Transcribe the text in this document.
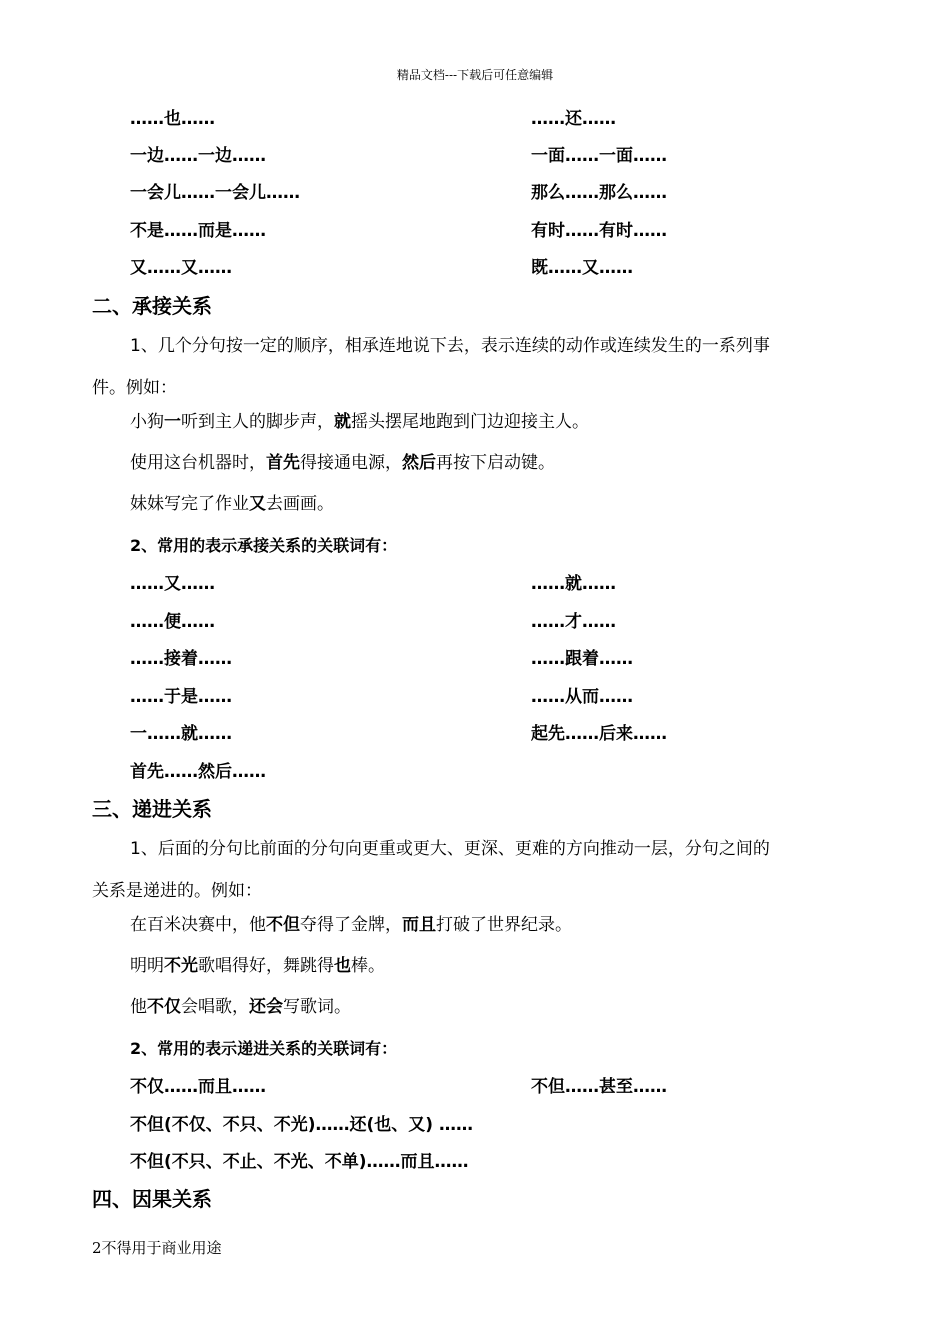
精品文档---下载后可任意编辑
……也……	……还……
一边……一边……	一面……一面……
一会儿……一会儿……	那么……那么……
不是……而是……	有时……有时……
又……又……	既……又……
二、承接关系
1、几个分句按一定的顺序，相承连地说下去，表示连续的动作或连续发生的一系列事
件。例如：
小狗一听到主人的脚步声，就摇头摆尾地跑到门边迎接主人。
使用这台机器时，首先得接通电源，然后再按下启动键。
妹妹写完了作业又去画画。
2、常用的表示承接关系的关联词有：
……又……	……就……
……便……	……才……
……接着……	……跟着……
……于是……	……从而……
一……就……	起先……后来……
首先……然后……
三、递进关系
1、后面的分句比前面的分句向更重或更大、更深、更难的方向推动一层，分句之间的
关系是递进的。例如：
在百米决赛中，他不但夺得了金牌，而且打破了世界纪录。
明明不光歌唱得好，舞跳得也棒。
他不仅会唱歌，还会写歌词。
2、常用的表示递进关系的关联词有：
不仅……而且……	不但……甚至……
不但(不仅、不只、不光)……还(也、又) ……
不但(不只、不止、不光、不单)……而且……
四、因果关系
2不得用于商业用途
